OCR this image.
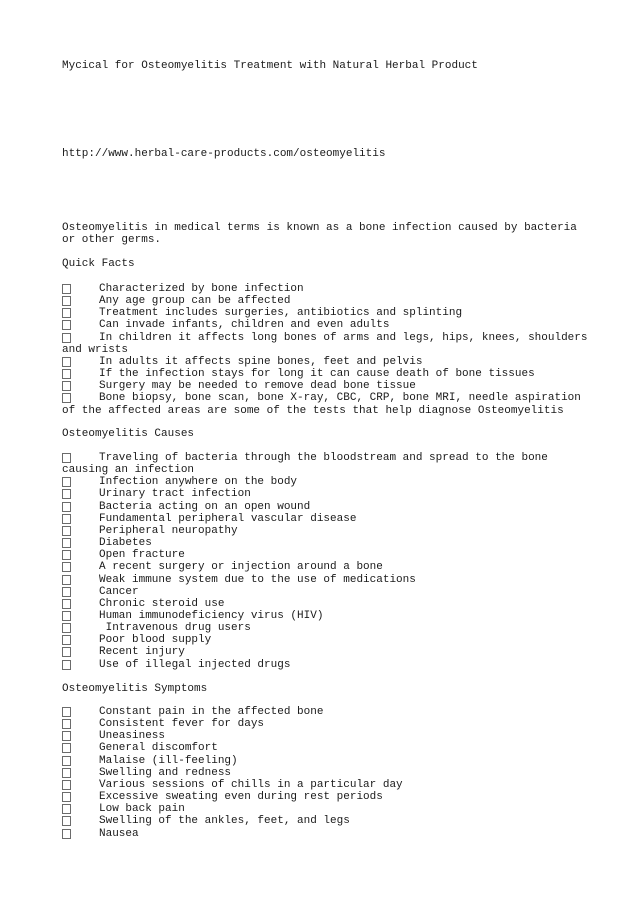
Mycical for Osteomyelitis Treatment with Natural Herbal Product
http://www.herbal-care-products.com/osteomyelitis
Osteomyelitis in medical terms is known as a bone infection caused by bacteria
or other germs.
Quick Facts
Characterized by bone infection
Any age group can be affected
Treatment includes surgeries, antibiotics and splinting
Can invade infants, children and even adults
In children it affects long bones of arms and legs, hips, knees, shoulders
and wrists
In adults it affects spine bones, feet and pelvis
If the infection stays for long it can cause death of bone tissues
Surgery may be needed to remove dead bone tissue
Bone biopsy, bone scan, bone X-ray, CBC, CRP, bone MRI, needle aspiration
of the affected areas are some of the tests that help diagnose Osteomyelitis
Osteomyelitis Causes
Traveling of bacteria through the bloodstream and spread to the bone
causing an infection
Infection anywhere on the body
Urinary tract infection
Bacteria acting on an open wound
Fundamental peripheral vascular disease
Peripheral neuropathy
Diabetes
Open fracture
A recent surgery or injection around a bone
Weak immune system due to the use of medications
Cancer
Chronic steroid use
Human immunodeficiency virus (HIV)
Intravenous drug users
Poor blood supply
Recent injury
Use of illegal injected drugs
Osteomyelitis Symptoms
Constant pain in the affected bone
Consistent fever for days
Uneasiness
General discomfort
Malaise (ill-feeling)
Swelling and redness
Various sessions of chills in a particular day
Excessive sweating even during rest periods
Low back pain
Swelling of the ankles, feet, and legs
Nausea
